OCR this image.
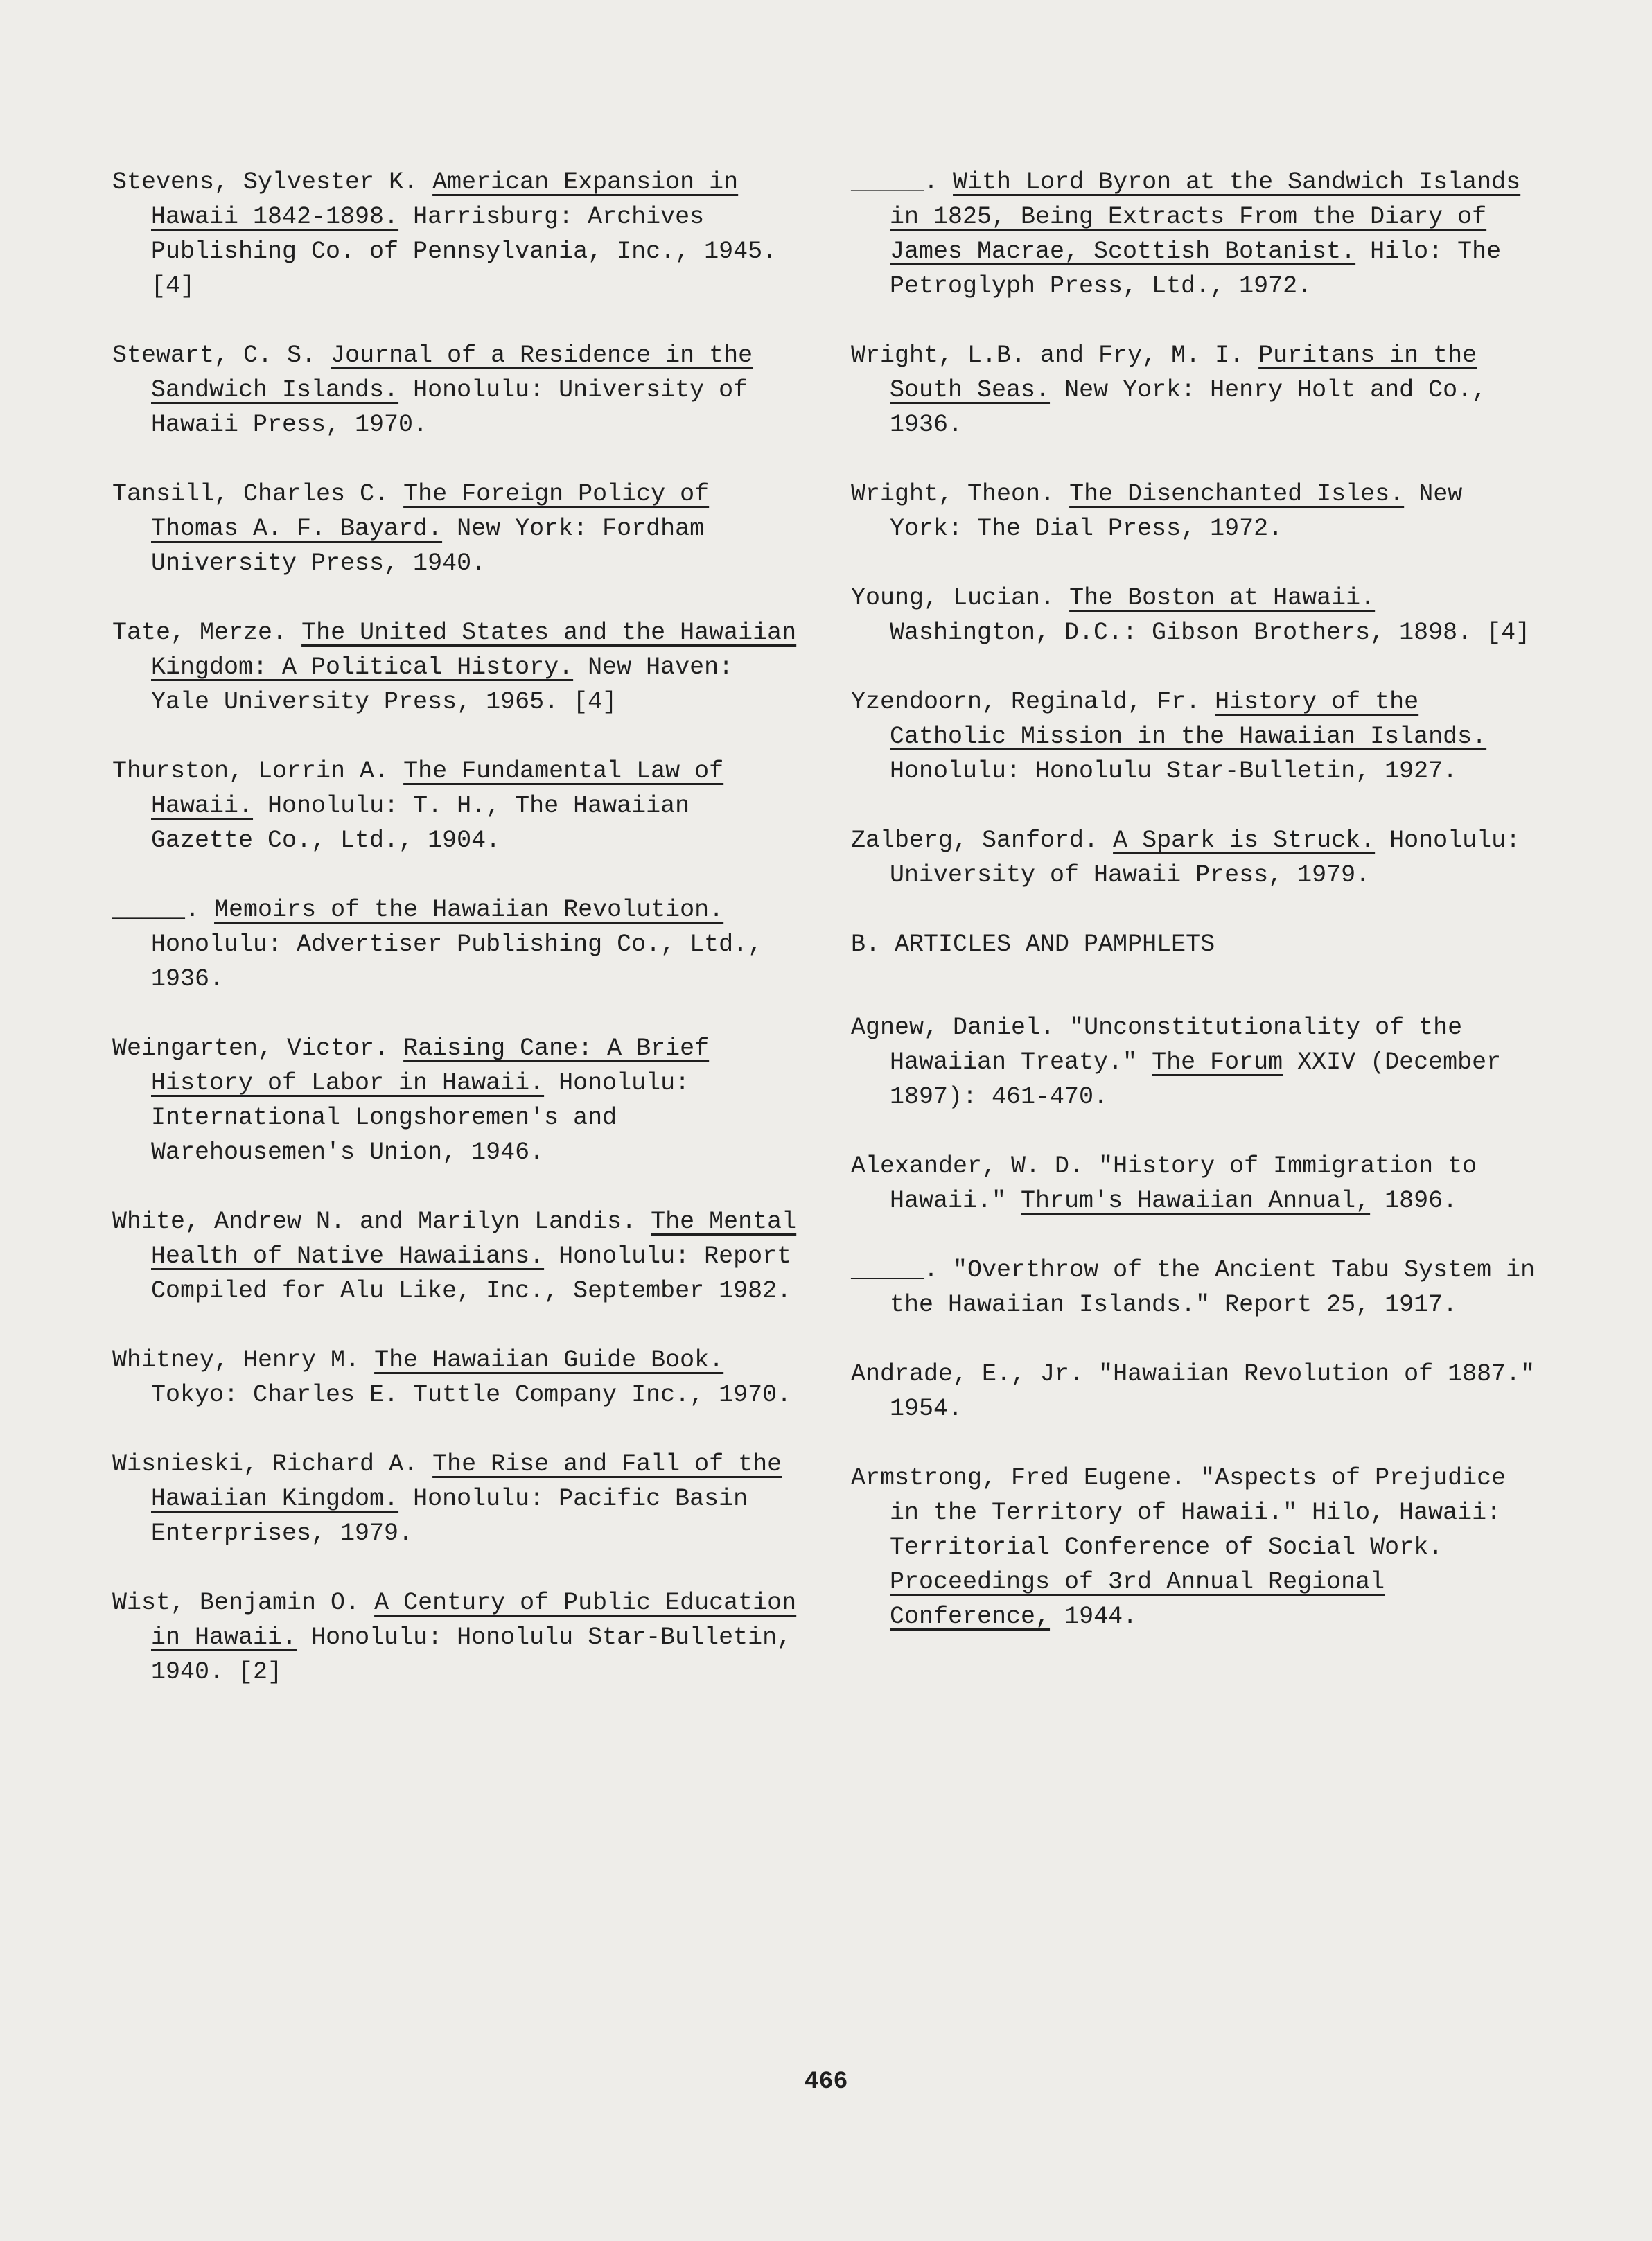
Stevens, Sylvester K. American Expansion in Hawaii 1842-1898. Harrisburg: Archives Publishing Co. of Pennsylvania, Inc., 1945. [4]
Stewart, C. S. Journal of a Residence in the Sandwich Islands. Honolulu: University of Hawaii Press, 1970.
Tansill, Charles C. The Foreign Policy of Thomas A. F. Bayard. New York: Fordham University Press, 1940.
Tate, Merze. The United States and the Hawaiian Kingdom: A Political History. New Haven: Yale University Press, 1965. [4]
Thurston, Lorrin A. The Fundamental Law of Hawaii. Honolulu: T. H., The Hawaiian Gazette Co., Ltd., 1904.
_____. Memoirs of the Hawaiian Revolution. Honolulu: Advertiser Publishing Co., Ltd., 1936.
Weingarten, Victor. Raising Cane: A Brief History of Labor in Hawaii. Honolulu: International Longshoremen's and Warehousemen's Union, 1946.
White, Andrew N. and Marilyn Landis. The Mental Health of Native Hawaiians. Honolulu: Report Compiled for Alu Like, Inc., September 1982.
Whitney, Henry M. The Hawaiian Guide Book. Tokyo: Charles E. Tuttle Company Inc., 1970.
Wisnieski, Richard A. The Rise and Fall of the Hawaiian Kingdom. Honolulu: Pacific Basin Enterprises, 1979.
Wist, Benjamin O. A Century of Public Education in Hawaii. Honolulu: Honolulu Star-Bulletin, 1940. [2]
_____. With Lord Byron at the Sandwich Islands in 1825, Being Extracts From the Diary of James Macrae, Scottish Botanist. Hilo: The Petroglyph Press, Ltd., 1972.
Wright, L.B. and Fry, M. I. Puritans in the South Seas. New York: Henry Holt and Co., 1936.
Wright, Theon. The Disenchanted Isles. New York: The Dial Press, 1972.
Young, Lucian. The Boston at Hawaii. Washington, D.C.: Gibson Brothers, 1898. [4]
Yzendoorn, Reginald, Fr. History of the Catholic Mission in the Hawaiian Islands. Honolulu: Honolulu Star-Bulletin, 1927.
Zalberg, Sanford. A Spark is Struck. Honolulu: University of Hawaii Press, 1979.
B. ARTICLES AND PAMPHLETS
Agnew, Daniel. "Unconstitutionality of the Hawaiian Treaty." The Forum XXIV (December 1897): 461-470.
Alexander, W. D. "History of Immigration to Hawaii." Thrum's Hawaiian Annual, 1896.
_____. "Overthrow of the Ancient Tabu System in the Hawaiian Islands." Report 25, 1917.
Andrade, E., Jr. "Hawaiian Revolution of 1887." 1954.
Armstrong, Fred Eugene. "Aspects of Prejudice in the Territory of Hawaii." Hilo, Hawaii: Territorial Conference of Social Work. Proceedings of 3rd Annual Regional Conference, 1944.
466
